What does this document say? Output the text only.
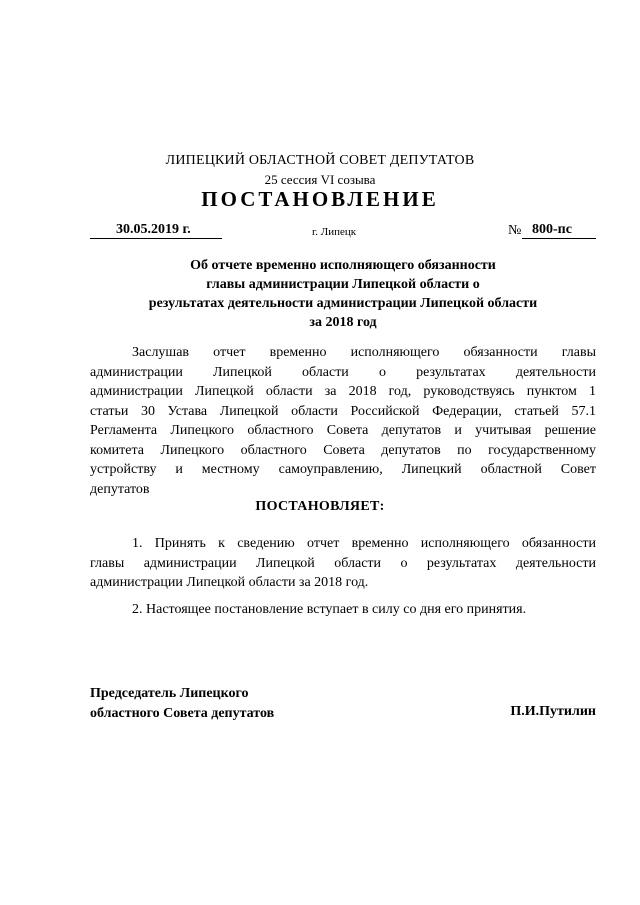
ЛИПЕЦКИЙ ОБЛАСТНОЙ СОВЕТ ДЕПУТАТОВ
25 сессия VI созыва
ПОСТАНОВЛЕНИЕ
30.05.2019 г.	г. Липецк	№ 800-пс
Об отчете временно исполняющего обязанности
главы администрации Липецкой области о
результатах деятельности администрации Липецкой области
за 2018 год
Заслушав отчет временно исполняющего обязанности главы
администрации Липецкой области о результатах деятельности
администрации Липецкой области за 2018 год, руководствуясь пунктом 1
статьи 30 Устава Липецкой области Российской Федерации, статьей 57.1
Регламента Липецкого областного Совета депутатов и учитывая решение
комитета Липецкого областного Совета депутатов по государственному
устройству и местному самоуправлению, Липецкий областной Совет
депутатов
ПОСТАНОВЛЯЕТ:
1. Принять к сведению отчет временно исполняющего обязанности
главы администрации Липецкой области о результатах деятельности
администрации Липецкой области за 2018 год.
2. Настоящее постановление вступает в силу со дня его принятия.
Председатель Липецкого
областного Совета депутатов	П.И.Путилин
